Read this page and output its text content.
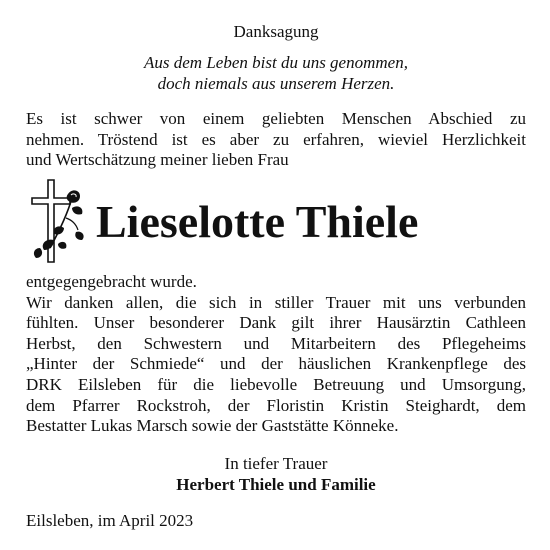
Danksagung
Aus dem Leben bist du uns genommen,
doch niemals aus unserem Herzen.
Es ist schwer von einem geliebten Menschen Abschied zu
nehmen. Tröstend ist es aber zu erfahren, wieviel Herzlichkeit
und Wertschätzung meiner lieben Frau
Lieselotte Thiele
entgegengebracht wurde.
Wir danken allen, die sich in stiller Trauer mit uns verbunden
fühlten. Unser besonderer Dank gilt ihrer Hausärztin Cathleen
Herbst, den Schwestern und Mitarbeitern des Pflegeheims
„Hinter der Schmiede“ und der häuslichen Krankenpflege des
DRK Eilsleben für die liebevolle Betreuung und Umsorgung,
dem Pfarrer Rockstroh, der Floristin Kristin Steighardt, dem
Bestatter Lukas Marsch sowie der Gaststätte Könneke.
In tiefer Trauer
Herbert Thiele und Familie
Eilsleben, im April 2023
